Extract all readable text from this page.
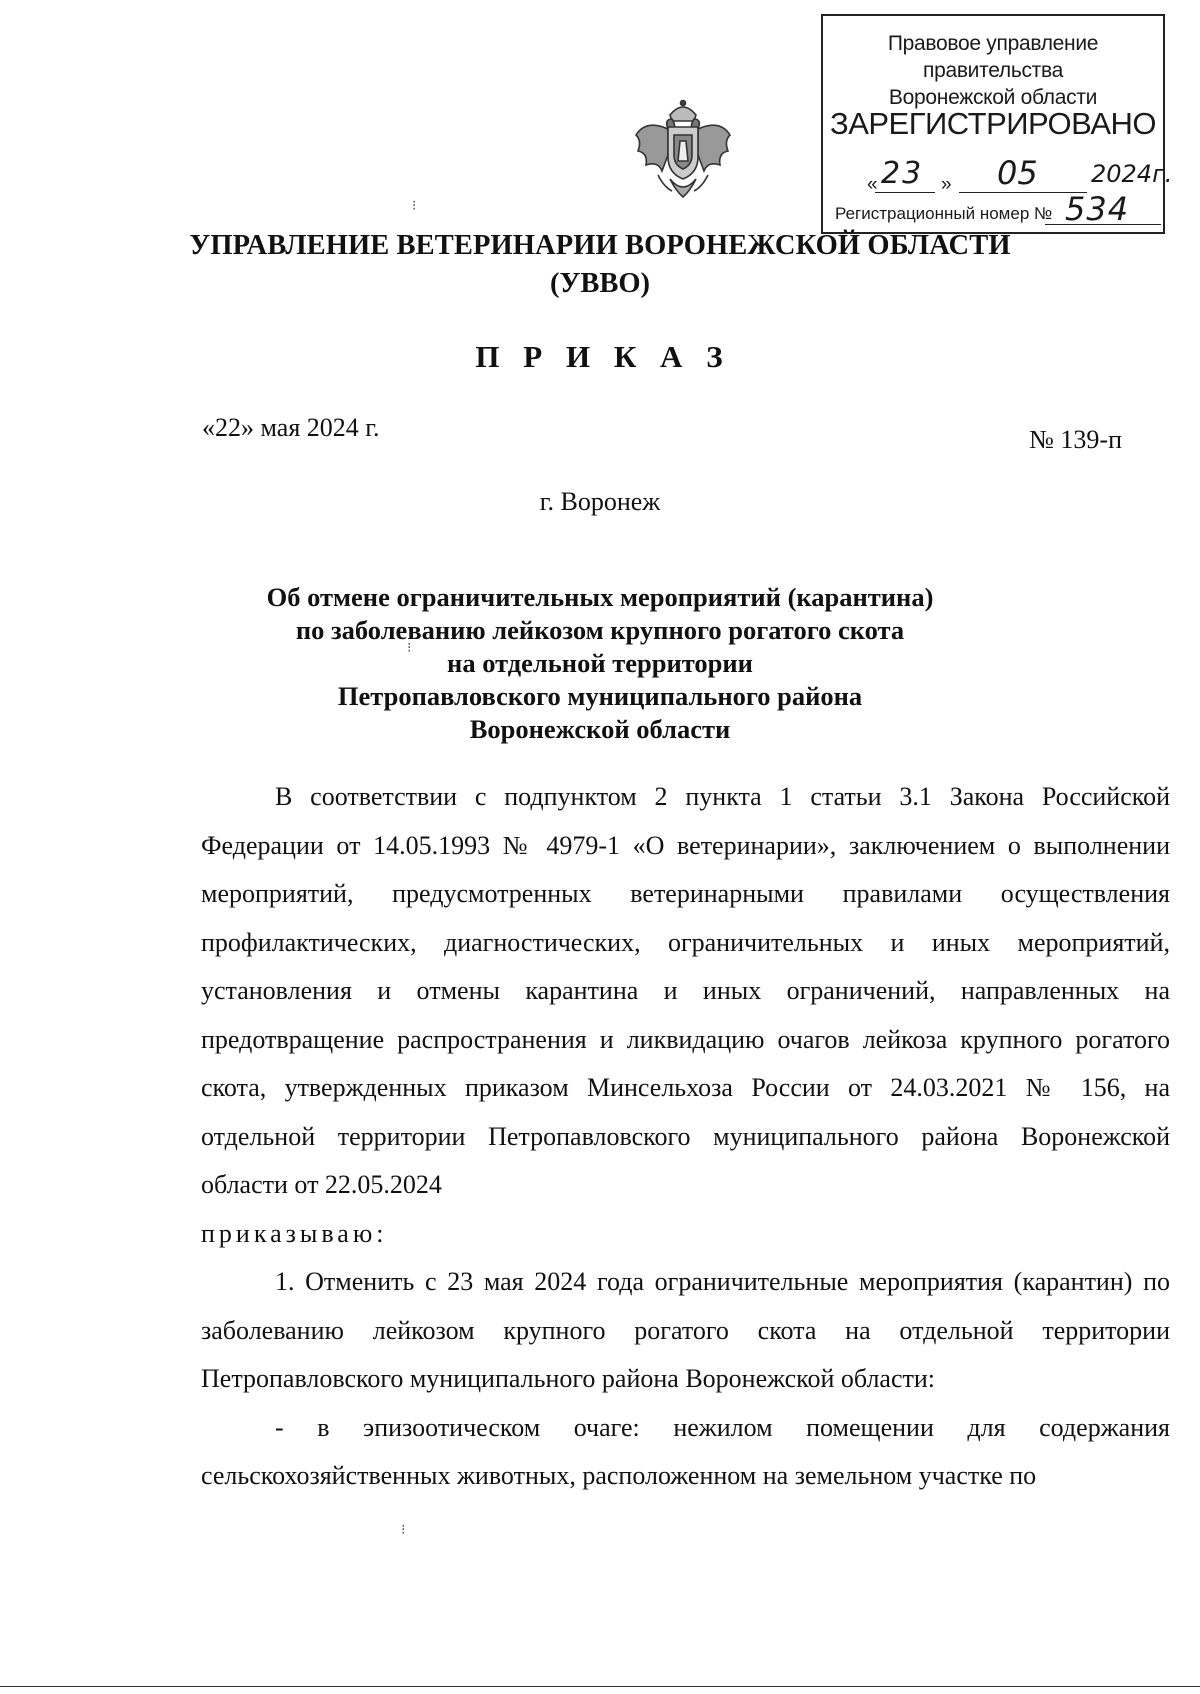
Правовое управление правительства
Воронежской области
ЗАРЕГИСТРИРОВАНО
« 23 » 05 2024г.
Регистрационный номер № 534
УПРАВЛЕНИЕ ВЕТЕРИНАРИИ ВОРОНЕЖСКОЙ ОБЛАСТИ
(УВВО)
П Р И К А З
«22» мая 2024 г.	№ 139-п
г. Воронеж
Об отмене ограничительных мероприятий (карантина)
по заболеванию лейкозом крупного рогатого скота
на отдельной территории
Петропавловского муниципального района
Воронежской области

В соответствии с подпунктом 2 пункта 1 статьи 3.1 Закона Российской Федерации от 14.05.1993 № 4979-1 «О ветеринарии», заключением о выполнении мероприятий, предусмотренных ветеринарными правилами осуществления профилактических, диагностических, ограничительных и иных мероприятий, установления и отмены карантина и иных ограничений, направленных на предотвращение распространения и ликвидацию очагов лейкоза крупного рогатого скота, утвержденных приказом Минсельхоза России от 24.03.2021 № 156, на отдельной территории Петропавловского муниципального района Воронежской области от 22.05.2024

приказываю:

1. Отменить с 23 мая 2024 года ограничительные мероприятия (карантин) по заболеванию лейкозом крупного рогатого скота на отдельной территории Петропавловского муниципального района Воронежской области:

- в эпизоотическом очаге: нежилом помещении для содержания сельскохозяйственных животных, расположенном на земельном участке по

⁝
⁝
⁝
